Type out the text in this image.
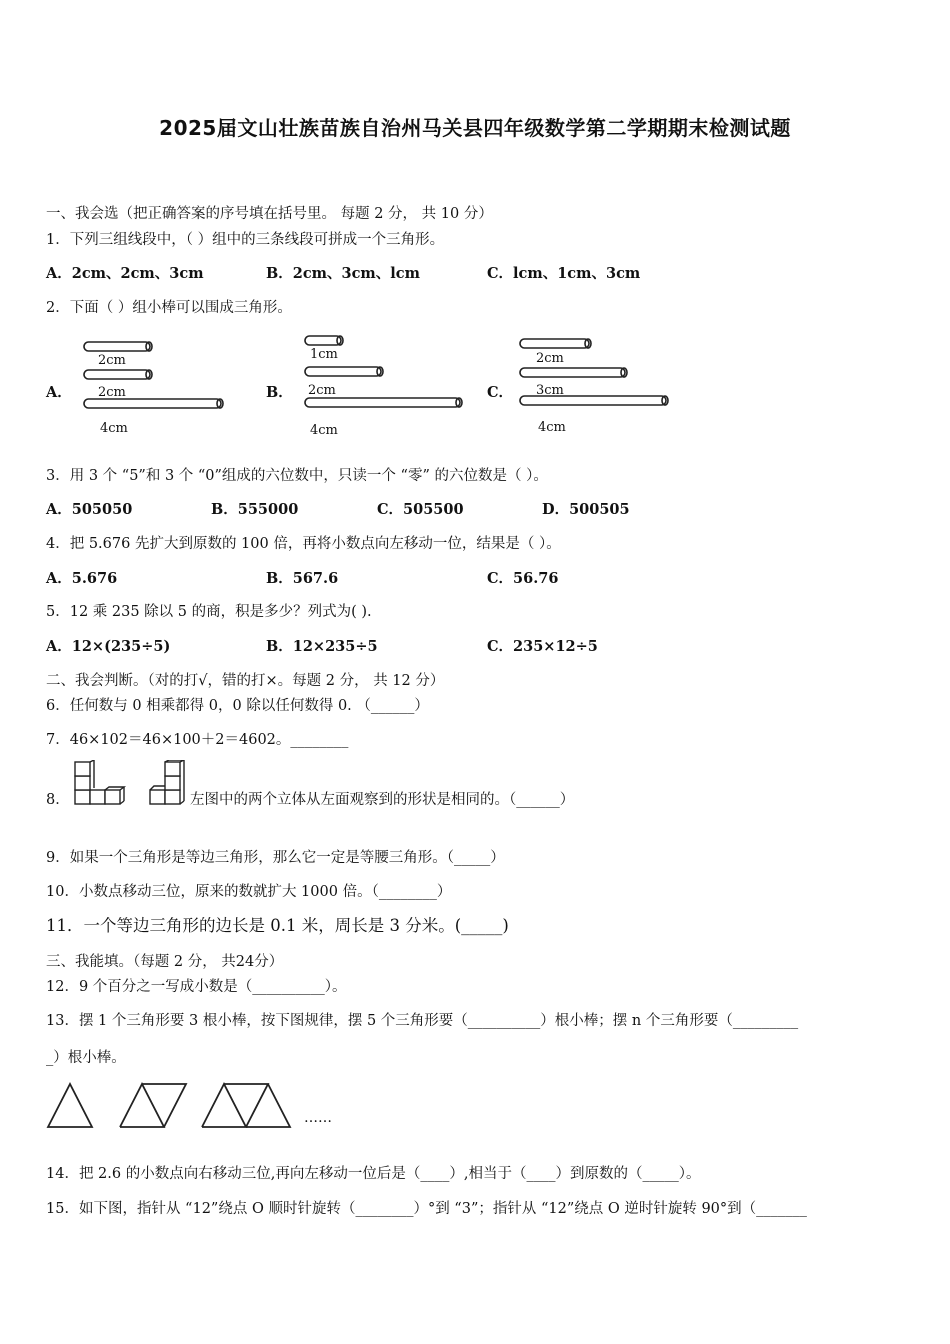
2025届文山壮族苗族自治州马关县四年级数学第二学期期末检测试题
一、我会选（把正确答案的序号填在括号里。 每题 2 分， 共 10 分）
1．下列三组线段中，（ ）组中的三条线段可拼成一个三角形。
A．2cm、2cm、3cm	B．2cm、3cm、lcm	C．lcm、1cm、3cm
2．下面（ ）组小棒可以围成三角形。
A．	B．	C．
2cm
2cm
4cm
1cm
2cm
4cm
2cm
3cm
4cm
3．用 3 个 “5”和 3 个 “0”组成的六位数中，只读一个 “零” 的六位数是（ ）。
A．505050	B．555000	C．505500	D．500505
4．把 5.676 先扩大到原数的 100 倍，再将小数点向左移动一位，结果是（ ）。
A．5.676	B．567.6	C．56.76
5．12 乘 235 除以 5 的商，积是多少？列式为( ).
A．12×(235÷5)	B．12×235÷5	C．235×12÷5
二、我会判断。（对的打√，错的打×。每题 2 分， 共 12 分）
6．任何数与 0 相乘都得 0，0 除以任何数得 0. （______）
7．46×102＝46×100＋2＝4602。________
8．	左图中的两个立体从左面观察到的形状是相同的。（______）
9．如果一个三角形是等边三角形，那么它一定是等腰三角形。（_____）
10．小数点移动三位，原来的数就扩大 1000 倍。（________）
11．一个等边三角形的边长是 0.1 米，周长是 3 分米。(_____)
三、我能填。（每题 2 分， 共24分）
12．9 个百分之一写成小数是（__________）。
13．摆 1 个三角形要 3 根小棒，按下图规律，摆 5 个三角形要（__________）根小棒；摆 n 个三角形要（_________
_）根小棒。
……
14．把 2.6 的小数点向右移动三位,再向左移动一位后是（____）,相当于（____）到原数的（_____）。
15．如下图，指针从 “12”绕点 O 顺时针旋转（________）°到 “3”；指针从 “12”绕点 O 逆时针旋转 90°到（_______
